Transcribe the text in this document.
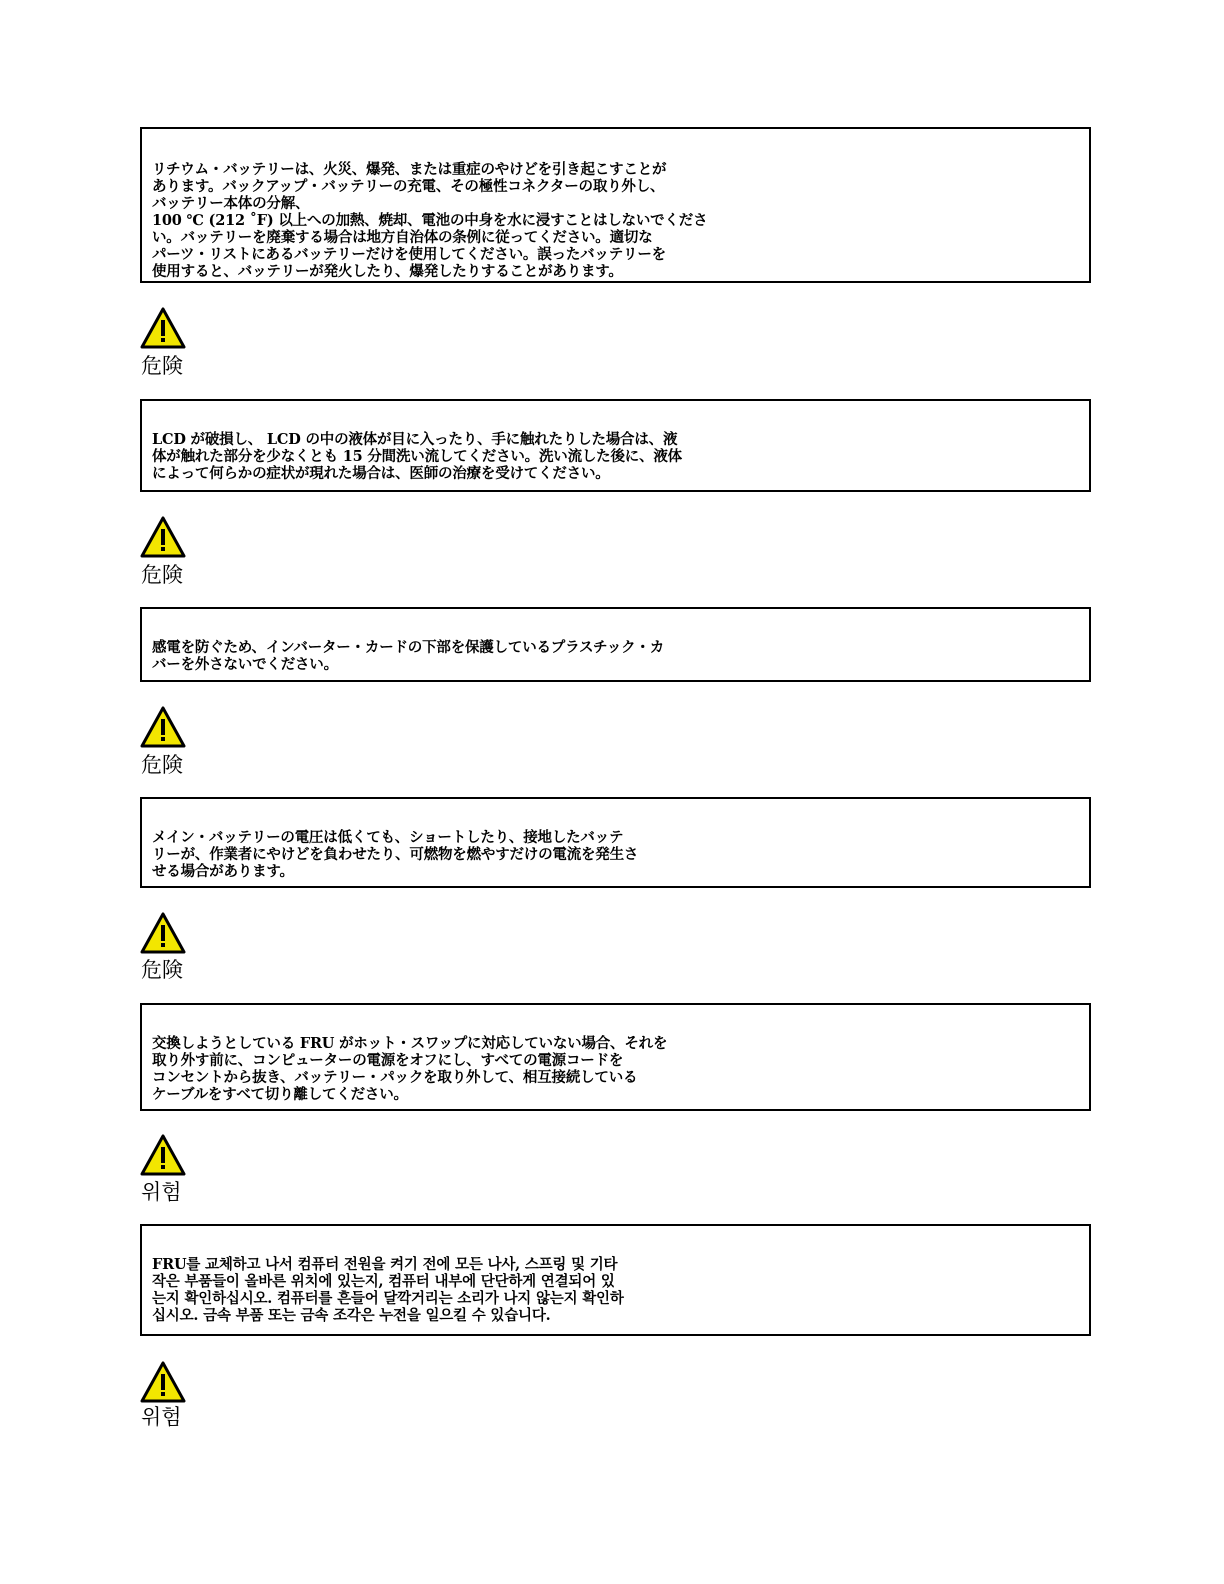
リチウム・バッテリーは、火災、爆発、または重症のやけどを引き起こすことが
あります。バックアップ・バッテリーの充電、その極性コネクターの取り外し、
バッテリー本体の分解、
100 ℃ (212 ˚F) 以上への加熱、焼却、電池の中身を水に浸すことはしないでくださ
い。バッテリーを廃棄する場合は地方自治体の条例に従ってください。適切な
パーツ・リストにあるバッテリーだけを使用してください。誤ったバッテリーを
使用すると、バッテリーが発火したり、爆発したりすることがあります。
危険
LCD が破損し、 LCD の中の液体が目に入ったり、手に触れたりした場合は、液
体が触れた部分を少なくとも 15 分間洗い流してください。洗い流した後に、液体
によって何らかの症状が現れた場合は、医師の治療を受けてください。
危険
感電を防ぐため、インバーター・カードの下部を保護しているプラスチック・カ
バーを外さないでください。
危険
メイン・バッテリーの電圧は低くても、ショートしたり、接地したバッテ
リーが、作業者にやけどを負わせたり、可燃物を燃やすだけの電流を発生さ
せる場合があります。
危険
交換しようとしている FRU がホット・スワップに対応していない場合、それを
取り外す前に、コンピューターの電源をオフにし、すべての電源コードを
コンセントから抜き、バッテリー・パックを取り外して、相互接続している
ケーブルをすべて切り離してください。
위험
FRU를 교체하고 나서 컴퓨터 전원을 켜기 전에 모든 나사, 스프링 및 기타
작은 부품들이 올바른 위치에 있는지, 컴퓨터 내부에 단단하게 연결되어 있
는지 확인하십시오. 컴퓨터를 흔들어 달깍거리는 소리가 나지 않는지 확인하
십시오. 금속 부품 또는 금속 조각은 누전을 일으킬 수 있습니다.
위험
